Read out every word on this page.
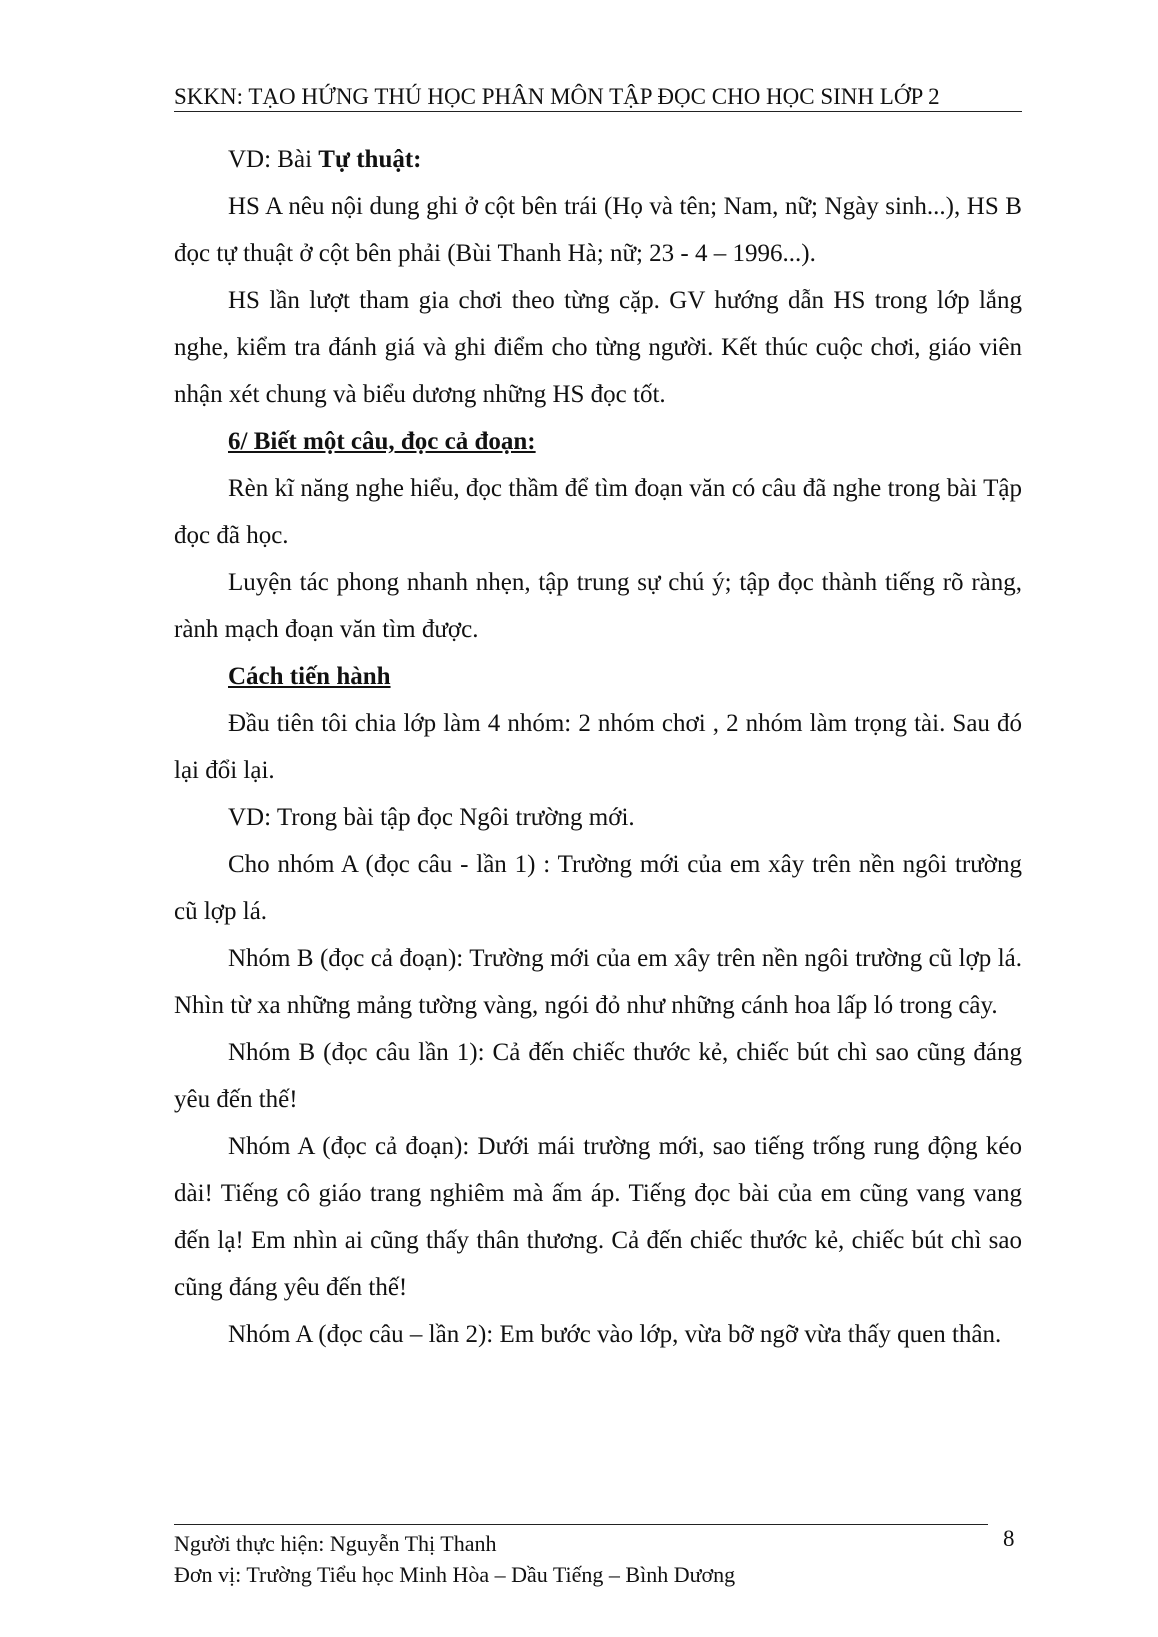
SKKN: TẠO HỨNG THÚ HỌC PHÂN MÔN TẬP ĐỌC CHO HỌC SINH LỚP 2

VD: Bài Tự thuật:

HS A nêu nội dung ghi ở cột bên trái (Họ và tên; Nam, nữ; Ngày sinh...), HS B đọc tự thuật ở cột bên phải (Bùi Thanh Hà; nữ; 23 - 4 – 1996...).

HS lần lượt tham gia chơi theo từng cặp. GV hướng dẫn HS trong lớp lắng nghe, kiểm tra đánh giá và ghi điểm cho từng người. Kết thúc cuộc chơi, giáo viên nhận xét chung và biểu dương những HS đọc tốt.

6/ Biết một câu, đọc cả đoạn:

Rèn kĩ năng nghe hiểu, đọc thầm để tìm đoạn văn có câu đã nghe trong bài Tập đọc đã học.

Luyện tác phong nhanh nhẹn, tập trung sự chú ý; tập đọc thành tiếng rõ ràng, rành mạch đoạn văn tìm được.

Cách tiến hành

Đầu tiên tôi chia lớp làm 4 nhóm: 2 nhóm chơi , 2 nhóm làm trọng tài. Sau đó lại đổi lại.

VD: Trong bài tập đọc Ngôi trường mới.

Cho nhóm A (đọc câu - lần 1) : Trường mới của em xây trên nền ngôi trường cũ lợp lá.

Nhóm B (đọc cả đoạn): Trường mới của em xây trên nền ngôi trường cũ lợp lá. Nhìn từ xa những mảng tường vàng, ngói đỏ như những cánh hoa lấp ló trong cây.

Nhóm B (đọc câu lần 1): Cả đến chiếc thước kẻ, chiếc bút chì sao cũng đáng yêu đến thế!

Nhóm A (đọc cả đoạn): Dưới mái trường mới, sao tiếng trống rung động kéo dài! Tiếng cô giáo trang nghiêm mà ấm áp. Tiếng đọc bài của em cũng vang vang đến lạ! Em nhìn ai cũng thấy thân thương. Cả đến chiếc thước kẻ, chiếc bút chì sao cũng đáng yêu đến thế!

Nhóm A (đọc câu – lần 2): Em bước vào lớp, vừa bỡ ngỡ vừa thấy quen thân.

Người thực hiện: Nguyễn Thị Thanh
Đơn vị: Trường Tiểu học Minh Hòa – Dầu Tiếng – Bình Dương
8
